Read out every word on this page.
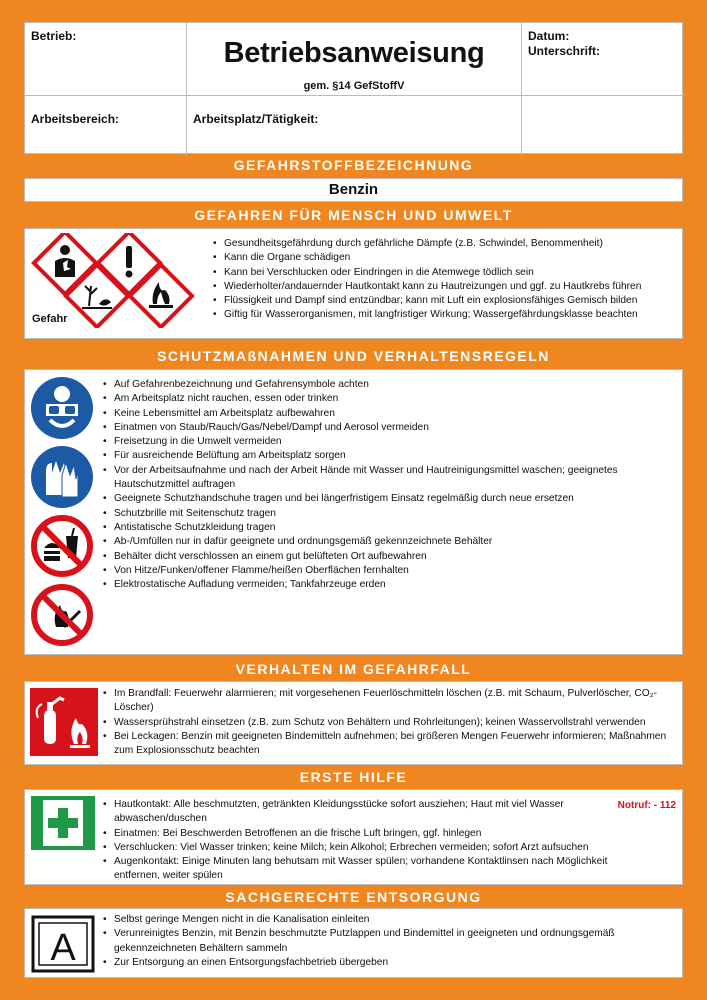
Betrieb:
Betriebsanweisung
gem. §14 GefStoffV
Datum:
Unterschrift:
Arbeitsbereich:	Arbeitsplatz/Tätigkeit:
GEFAHRSTOFFBEZEICHNUNG
Benzin
GEFAHREN FÜR MENSCH UND UMWELT
Gefahr
• Gesundheitsgefährdung durch gefährliche Dämpfe (z.B. Schwindel, Benommenheit)
• Kann die Organe schädigen
• Kann bei Verschlucken oder Eindringen in die Atemwege tödlich sein
• Wiederholter/andauernder Hautkontakt kann zu Hautreizungen und ggf. zu Hautkrebs führen
• Flüssigkeit und Dampf sind entzündbar; kann mit Luft ein explosionsfähiges Gemisch bilden
• Giftig für Wasserorganismen, mit langfristiger Wirkung; Wassergefährdungsklasse beachten
SCHUTZMAßNAHMEN UND VERHALTENSREGELN
• Auf Gefahrenbezeichnung und Gefahrensymbole achten
• Am Arbeitsplatz nicht rauchen, essen oder trinken
• Keine Lebensmittel am Arbeitsplatz aufbewahren
• Einatmen von Staub/Rauch/Gas/Nebel/Dampf und Aerosol vermeiden
• Freisetzung in die Umwelt vermeiden
• Für ausreichende Belüftung am Arbeitsplatz sorgen
• Vor der Arbeitsaufnahme und nach der Arbeit Hände mit Wasser und Hautreinigungsmittel waschen; geeignetes Hautschutzmittel auftragen
• Geeignete Schutzhandschuhe tragen und bei längerfristigem Einsatz regelmäßig durch neue ersetzen
• Schutzbrille mit Seitenschutz tragen
• Antistatische Schutzkleidung tragen
• Ab-/Umfüllen nur in dafür geeignete und ordnungsgemäß gekennzeichnete Behälter
• Behälter dicht verschlossen an einem gut belüfteten Ort aufbewahren
• Von Hitze/Funken/offener Flamme/heißen Oberflächen fernhalten
• Elektrostatische Aufladung vermeiden; Tankfahrzeuge erden
VERHALTEN IM GEFAHRFALL
• Im Brandfall: Feuerwehr alarmieren; mit vorgesehenen Feuerlöschmitteln löschen (z.B. mit Schaum, Pulverlöscher, CO₂-Löscher)
• Wassersprühstrahl einsetzen (z.B. zum Schutz von Behältern und Rohrleitungen); keinen Wasservollstrahl verwenden
• Bei Leckagen: Benzin mit geeigneten Bindemitteln aufnehmen; bei größeren Mengen Feuerwehr informieren; Maßnahmen zum Explosionsschutz beachten
ERSTE HILFE
Notruf: - 112
• Hautkontakt: Alle beschmutzten, getränkten Kleidungsstücke sofort ausziehen; Haut mit viel Wasser abwaschen/duschen
• Einatmen: Bei Beschwerden Betroffenen an die frische Luft bringen, ggf. hinlegen
• Verschlucken: Viel Wasser trinken; keine Milch; kein Alkohol; Erbrechen vermeiden; sofort Arzt aufsuchen
• Augenkontakt: Einige Minuten lang behutsam mit Wasser spülen; vorhandene Kontaktlinsen nach Möglichkeit entfernen, weiter spülen
SACHGERECHTE ENTSORGUNG
A
• Selbst geringe Mengen nicht in die Kanalisation einleiten
• Verunreinigtes Benzin, mit Benzin beschmutzte Putzlappen und Bindemittel in geeigneten und ordnungsgemäß gekennzeichneten Behältern sammeln
• Zur Entsorgung an einen Entsorgungsfachbetrieb übergeben
